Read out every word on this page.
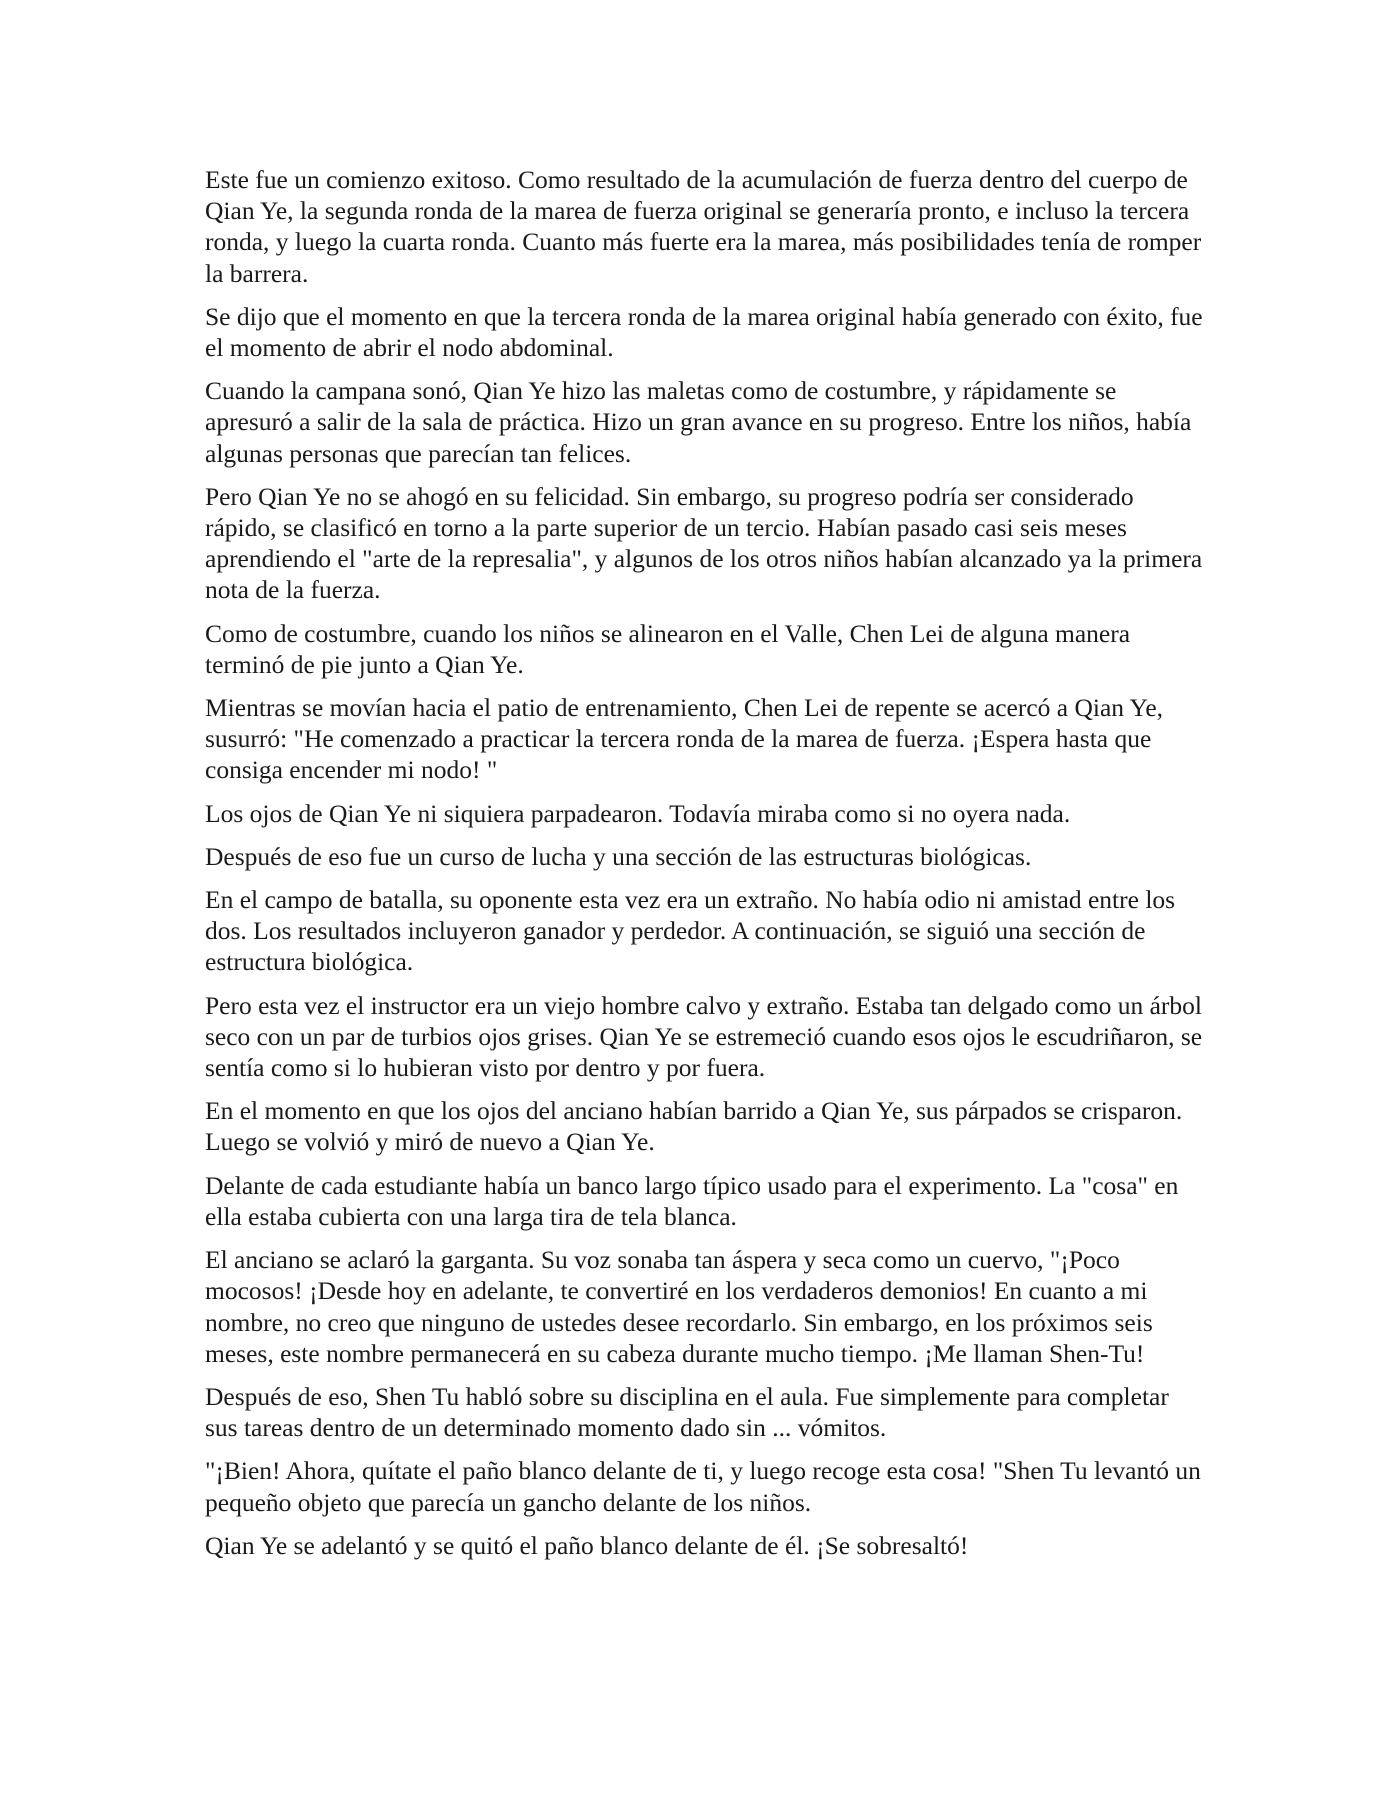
Este fue un comienzo exitoso. Como resultado de la acumulación de fuerza dentro del cuerpo de Qian Ye, la segunda ronda de la marea de fuerza original se generaría pronto, e incluso la tercera ronda, y luego la cuarta ronda. Cuanto más fuerte era la marea, más posibilidades tenía de romper la barrera.

Se dijo que el momento en que la tercera ronda de la marea original había generado con éxito, fue el momento de abrir el nodo abdominal.

Cuando la campana sonó, Qian Ye hizo las maletas como de costumbre, y rápidamente se apresuró a salir de la sala de práctica. Hizo un gran avance en su progreso. Entre los niños, había algunas personas que parecían tan felices.

Pero Qian Ye no se ahogó en su felicidad. Sin embargo, su progreso podría ser considerado rápido, se clasificó en torno a la parte superior de un tercio. Habían pasado casi seis meses aprendiendo el "arte de la represalia", y algunos de los otros niños habían alcanzado ya la primera nota de la fuerza.

Como de costumbre, cuando los niños se alinearon en el Valle, Chen Lei de alguna manera terminó de pie junto a Qian Ye.

Mientras se movían hacia el patio de entrenamiento, Chen Lei de repente se acercó a Qian Ye, susurró: "He comenzado a practicar la tercera ronda de la marea de fuerza. ¡Espera hasta que consiga encender mi nodo! "

Los ojos de Qian Ye ni siquiera parpadearon. Todavía miraba como si no oyera nada.

Después de eso fue un curso de lucha y una sección de las estructuras biológicas.

En el campo de batalla, su oponente esta vez era un extraño. No había odio ni amistad entre los dos. Los resultados incluyeron ganador y perdedor. A continuación, se siguió una sección de estructura biológica.

Pero esta vez el instructor era un viejo hombre calvo y extraño. Estaba tan delgado como un árbol seco con un par de turbios ojos grises. Qian Ye se estremeció cuando esos ojos le escudriñaron, se sentía como si lo hubieran visto por dentro y por fuera.

En el momento en que los ojos del anciano habían barrido a Qian Ye, sus párpados se crisparon. Luego se volvió y miró de nuevo a Qian Ye.

Delante de cada estudiante había un banco largo típico usado para el experimento. La "cosa" en ella estaba cubierta con una larga tira de tela blanca.

El anciano se aclaró la garganta. Su voz sonaba tan áspera y seca como un cuervo, "¡Poco mocosos! ¡Desde hoy en adelante, te convertiré en los verdaderos demonios! En cuanto a mi nombre, no creo que ninguno de ustedes desee recordarlo. Sin embargo, en los próximos seis meses, este nombre permanecerá en su cabeza durante mucho tiempo. ¡Me llaman Shen-Tu!

Después de eso, Shen Tu habló sobre su disciplina en el aula. Fue simplemente para completar sus tareas dentro de un determinado momento dado sin ... vómitos.

"¡Bien! Ahora, quítate el paño blanco delante de ti, y luego recoge esta cosa! "Shen Tu levantó un pequeño objeto que parecía un gancho delante de los niños.

Qian Ye se adelantó y se quitó el paño blanco delante de él. ¡Se sobresaltó!
